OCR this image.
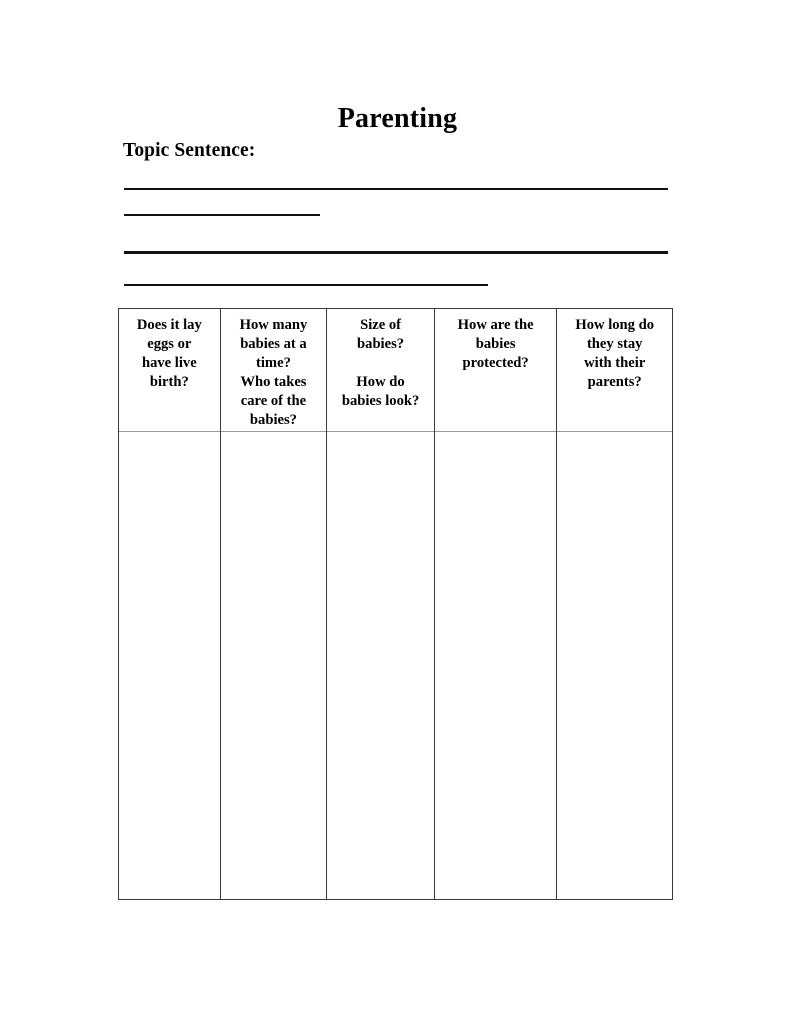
Parenting
Topic Sentence:
Does it lay
eggs or
have live
birth?
How many
babies at a
time?
Who takes
care of the
babies?
Size of
babies?
How do
babies look?
How are the
babies
protected?
How long do
they stay
with their
parents?
